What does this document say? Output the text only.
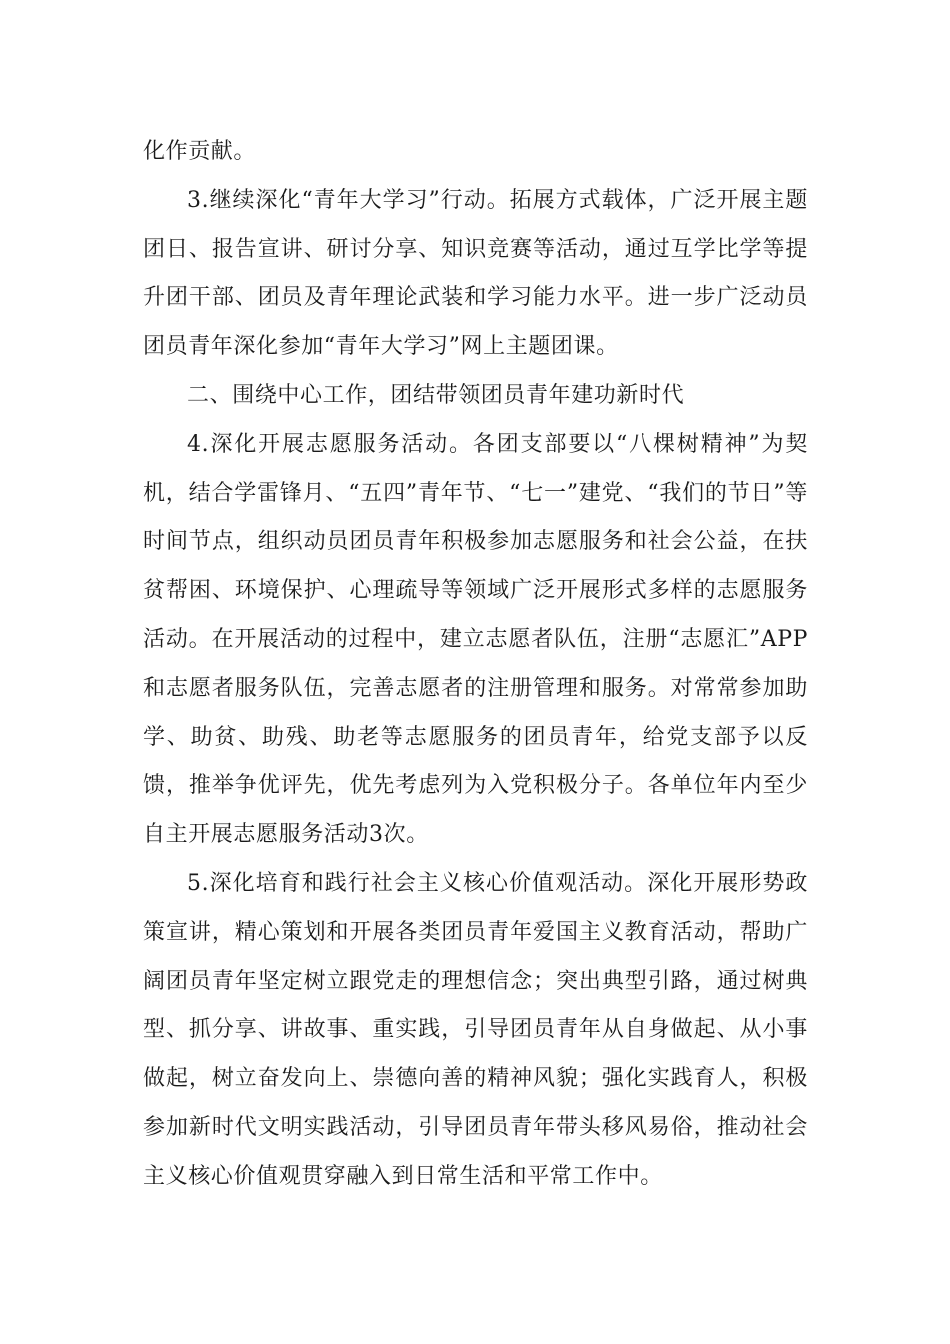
化作贡献。

3.继续深化“青年大学习”行动。拓展方式载体，广泛开展主题团日、报告宣讲、研讨分享、知识竞赛等活动，通过互学比学等提升团干部、团员及青年理论武装和学习能力水平。进一步广泛动员团员青年深化参加“青年大学习”网上主题团课。

二、围绕中心工作，团结带领团员青年建功新时代

4.深化开展志愿服务活动。各团支部要以“八棵树精神”为契机，结合学雷锋月、“五四”青年节、“七一”建党、“我们的节日”等时间节点，组织动员团员青年积极参加志愿服务和社会公益，在扶贫帮困、环境保护、心理疏导等领域广泛开展形式多样的志愿服务活动。在开展活动的过程中，建立志愿者队伍，注册“志愿汇”APP 和志愿者服务队伍，完善志愿者的注册管理和服务。对常常参加助学、助贫、助残、助老等志愿服务的团员青年，给党支部予以反馈，推举争优评先，优先考虑列为入党积极分子。各单位年内至少自主开展志愿服务活动3次。

5.深化培育和践行社会主义核心价值观活动。深化开展形势政策宣讲，精心策划和开展各类团员青年爱国主义教育活动，帮助广阔团员青年坚定树立跟党走的理想信念；突出典型引路，通过树典型、抓分享、讲故事、重实践，引导团员青年从自身做起、从小事做起，树立奋发向上、崇德向善的精神风貌；强化实践育人，积极参加新时代文明实践活动，引导团员青年带头移风易俗，推动社会主义核心价值观贯穿融入到日常生活和平常工作中。
